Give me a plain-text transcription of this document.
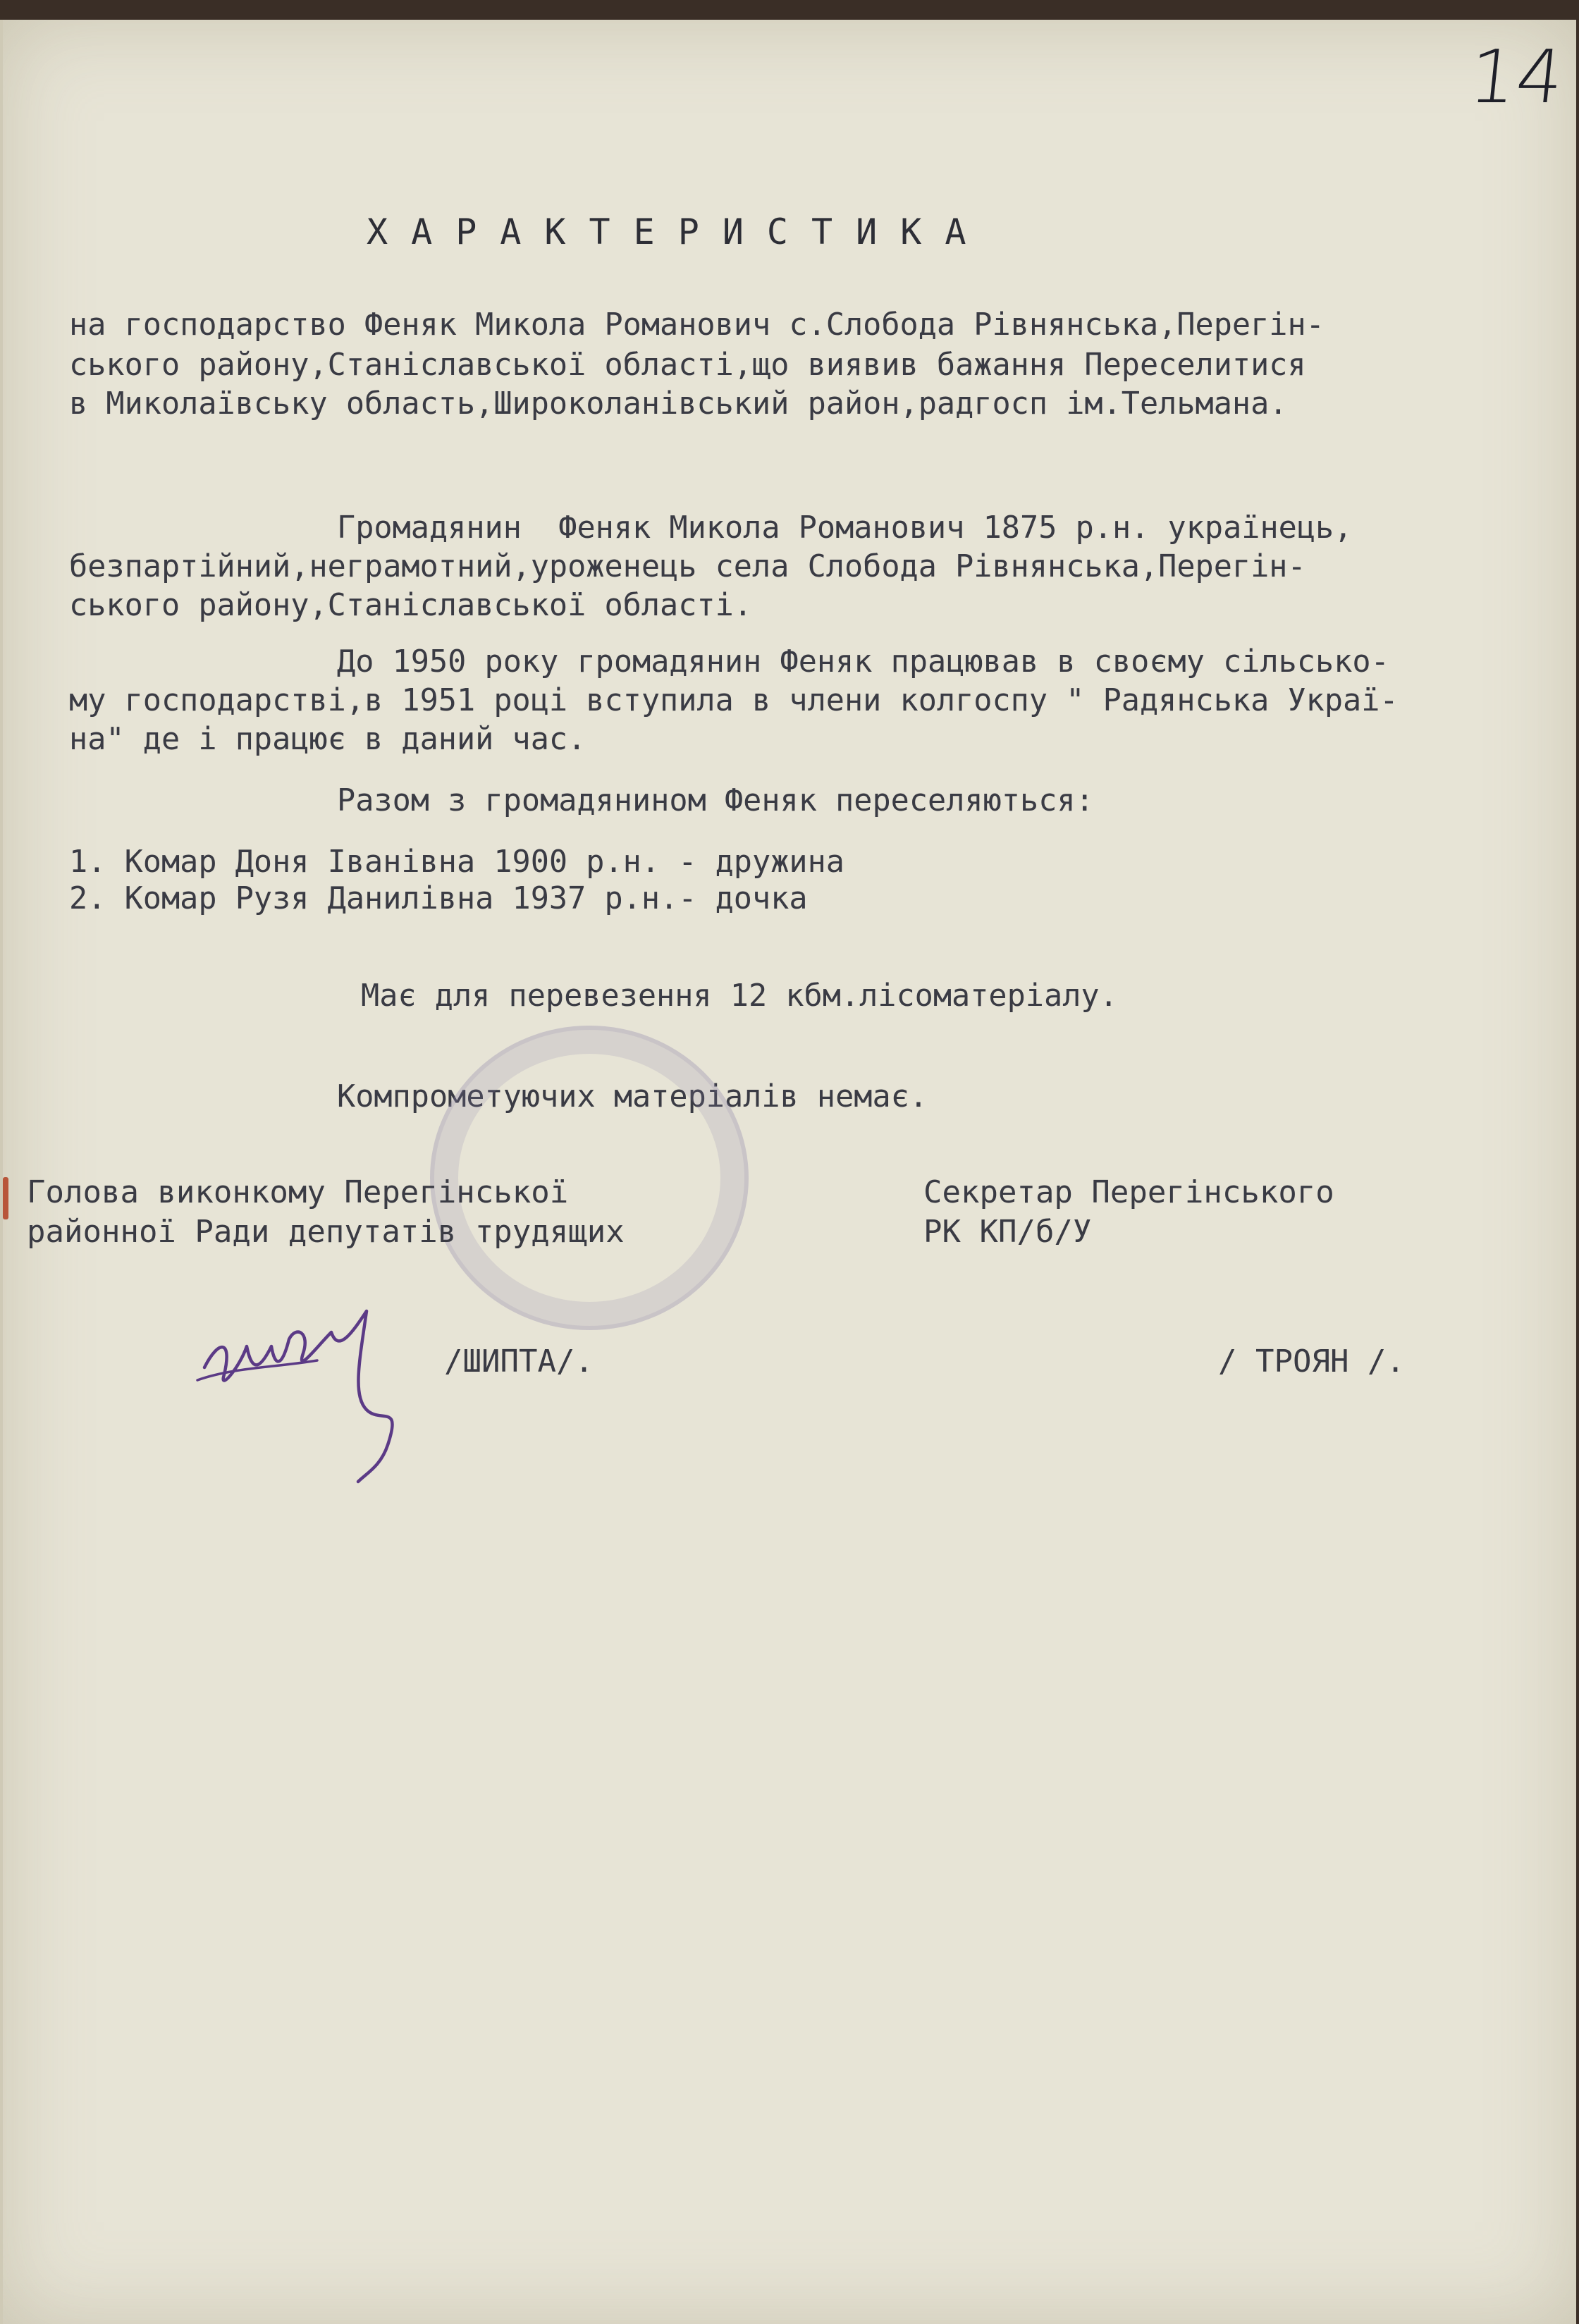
14
ХАРАКТЕРИСТИКА
на господарство Феняк Микола Романович с.Слобода Рівнянська,Перегін-
ського району,Станіславської області,що виявив бажання Переселитися
в Миколаївську область,Широколанівський район,радгосп ім.Тельмана.
Громадянин  Феняк Микола Романович 1875 р.н. українець,
безпартійний,неграмотний,уроженець села Слобода Рівнянська,Перегін-
ського району,Станіславської області.
До 1950 року громадянин Феняк працював в своєму сільсько-
му господарстві,в 1951 році вступила в члени колгоспу " Радянська Украї-
на" де і працює в даний час.
Разом з громадянином Феняк переселяються:
1. Комар Доня Іванівна 1900 р.н. - дружина
2. Комар Рузя Данилівна 1937 р.н.- дочка
Має для перевезення 12 кбм.лісоматеріалу.
Компрометуючих матеріалів немає.
Голова виконкому Перегінської
районної Ради депутатів трудящих
Секретар Перегінського
РК КП/б/У
/ШИПТА/.	/ ТРОЯН /.
